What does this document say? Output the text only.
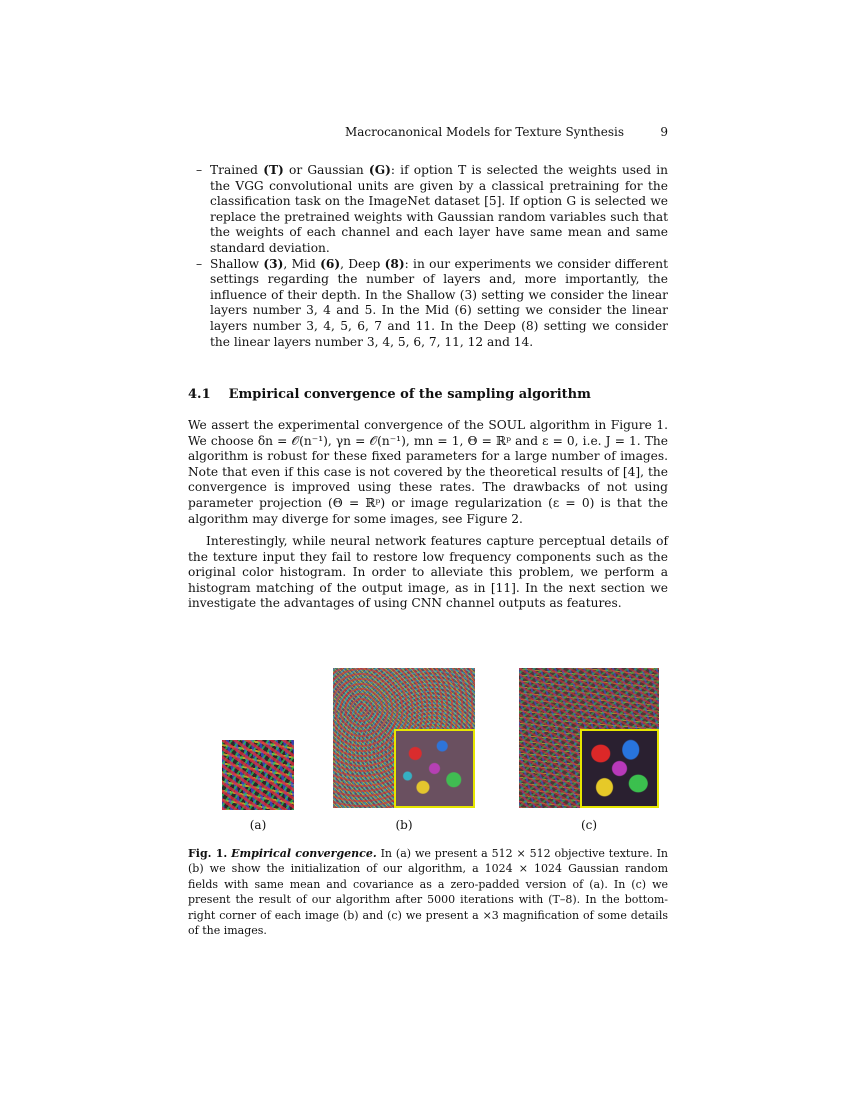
Macrocanonical Models for Texture Synthesis	9
– Trained (T) or Gaussian (G): if option T is selected the weights used in the VGG convolutional units are given by a classical pretraining for the classification task on the ImageNet dataset [5]. If option G is selected we replace the pretrained weights with Gaussian random variables such that the weights of each channel and each layer have same mean and same standard deviation.
– Shallow (3), Mid (6), Deep (8): in our experiments we consider different settings regarding the number of layers and, more importantly, the influence of their depth. In the Shallow (3) setting we consider the linear layers number 3, 4 and 5. In the Mid (6) setting we consider the linear layers number 3, 4, 5, 6, 7 and 11. In the Deep (8) setting we consider the linear layers number 3, 4, 5, 6, 7, 11, 12 and 14.
4.1 Empirical convergence of the sampling algorithm
We assert the experimental convergence of the SOUL algorithm in Figure 1. We choose δn = 𝒪(n⁻¹), γn = 𝒪(n⁻¹), mn = 1, Θ = ℝᵖ and ε = 0, i.e. J = 1. The algorithm is robust for these fixed parameters for a large number of images. Note that even if this case is not covered by the theoretical results of [4], the convergence is improved using these rates. The drawbacks of not using parameter projection (Θ = ℝᵖ) or image regularization (ε = 0) is that the algorithm may diverge for some images, see Figure 2.
Interestingly, while neural network features capture perceptual details of the texture input they fail to restore low frequency components such as the original color histogram. In order to alleviate this problem, we perform a histogram matching of the output image, as in [11]. In the next section we investigate the advantages of using CNN channel outputs as features.
(a)	(b)	(c)
Fig. 1. Empirical convergence. In (a) we present a 512 × 512 objective texture. In (b) we show the initialization of our algorithm, a 1024 × 1024 Gaussian random fields with same mean and covariance as a zero-padded version of (a). In (c) we present the result of our algorithm after 5000 iterations with (T–8). In the bottom-right corner of each image (b) and (c) we present a ×3 magnification of some details of the images.
